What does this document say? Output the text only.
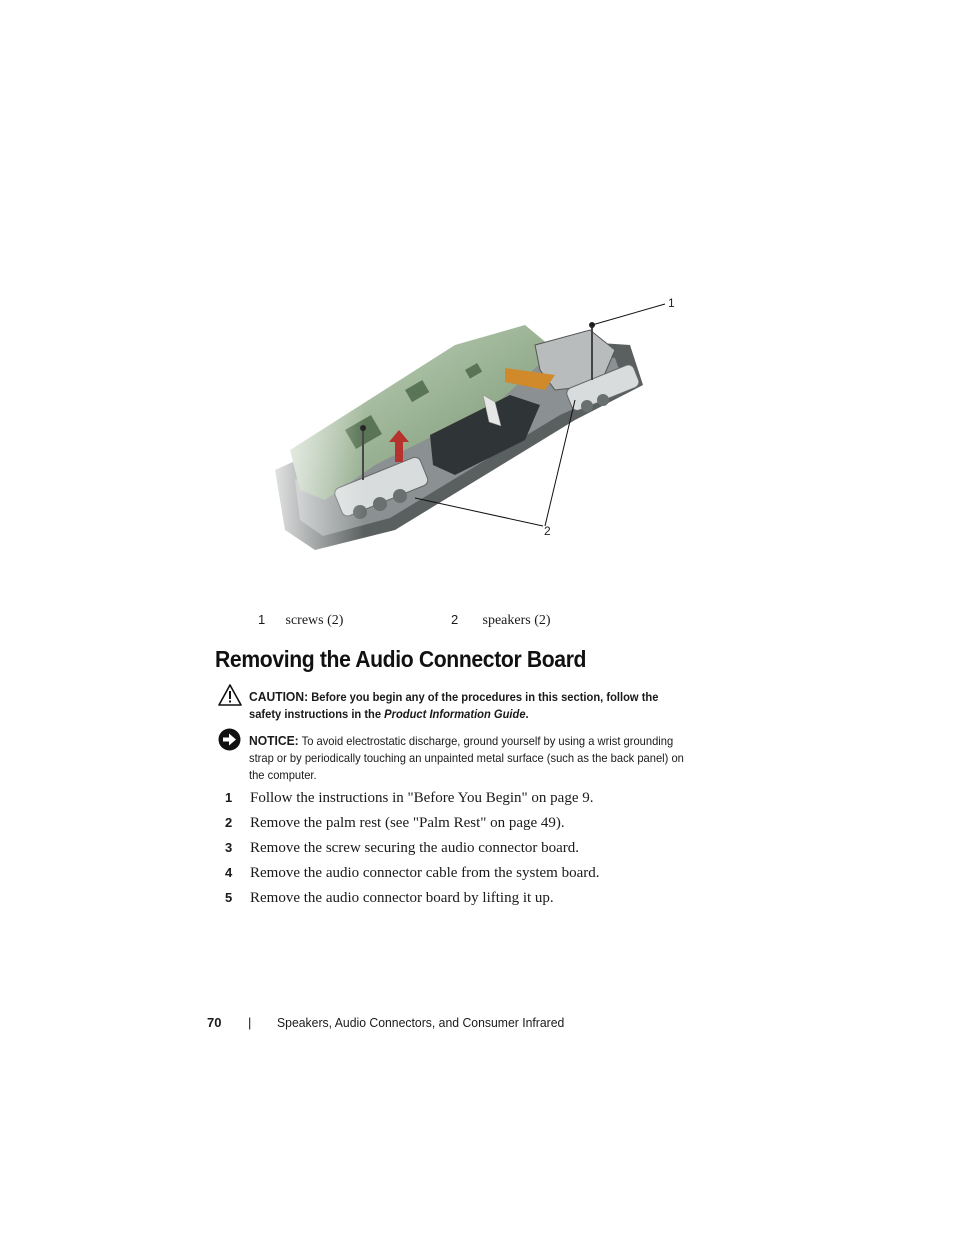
1
2
1 screws (2)	2 speakers (2)
Removing the Audio Connector Board
CAUTION: Before you begin any of the procedures in this section, follow the safety instructions in the Product Information Guide.
NOTICE: To avoid electrostatic discharge, ground yourself by using a wrist grounding strap or by periodically touching an unpainted metal surface (such as the back panel) on the computer.
1 Follow the instructions in "Before You Begin" on page 9.
2 Remove the palm rest (see "Palm Rest" on page 49).
3 Remove the screw securing the audio connector board.
4 Remove the audio connector cable from the system board.
5 Remove the audio connector board by lifting it up.
70 | Speakers, Audio Connectors, and Consumer Infrared
